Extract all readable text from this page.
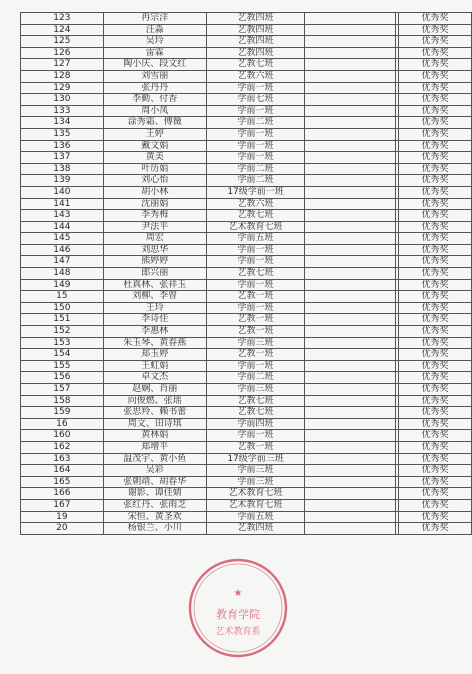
123	冉宗洋	艺教四班			优秀奖
124	汪淼	艺教四班			优秀奖
125	吴玲	艺教四班			优秀奖
126	雷霖	艺教四班			优秀奖
127	陶小庆、段文红	艺教七班			优秀奖
128	刘雪丽	艺教六班			优秀奖
129	张丹丹	学前一班			优秀奖
130	李勤、付香	学前七班			优秀奖
133	周小凤	学前一班			优秀奖
134	涂秀霜、傅薇	学前二班			优秀奖
135	王婷	学前一班			优秀奖
136	戴文娟	学前一班			优秀奖
137	黄美	学前一班			优秀奖
138	叶历娟	学前二班			优秀奖
139	刘心怡	学前二班			优秀奖
140	胡小林	17级学前一班			优秀奖
141	沈丽娟	艺教六班			优秀奖
143	李秀梅	艺教七班			优秀奖
144	尹法平	艺术教育七班			优秀奖
145	周宏	学前五班			优秀奖
146	刘思华	学前一班			优秀奖
147	熊婷婷	学前一班			优秀奖
148	郎兴丽	艺教七班			优秀奖
149	杜真林、张祥玉	学前一班			优秀奖
15	刘柳、李曾	艺教一班			优秀奖
150	王玲	学前一班			优秀奖
151	李诗佳	艺教一班			优秀奖
152	李惠林	艺教一班			优秀奖
153	朱玉琴、黄春燕	学前三班			优秀奖
154	郑玉婷	艺教一班			优秀奖
155	王虹娟	学前一班			优秀奖
156	卓文杰	学前二班			优秀奖
157	赵娴、肖丽	学前三班			优秀奖
158	向俊燃、张瑶	艺教七班			优秀奖
159	张思羚、赖书蕾	艺教七班			优秀奖
16	周文、田诗琪	学前四班			优秀奖
160	黄林娟	学前一班			优秀奖
162	郑增平	艺教一班			优秀奖
163	温茂宇、黄小鱼	17级学前三班			优秀奖
164	吴彩	学前三班			优秀奖
165	张朝靖、胡春华	学前三班			优秀奖
166	谢影、谭佳婧	艺术教育七班			优秀奖
167	张红丹、张雨芝	艺术教育七班			优秀奖
19	宋恒、黄圣欢	学前五班			优秀奖
20	杨银兰、小川	艺教四班			优秀奖
★
教育学院
艺术教育系
